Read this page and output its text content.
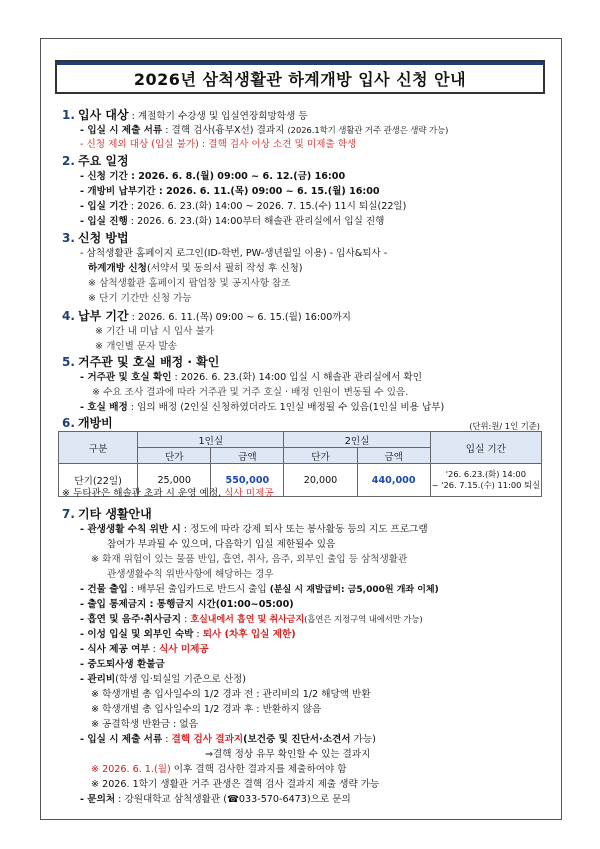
2026년 삼척생활관 하계개방 입사 신청 안내
1. 입사 대상 : 계절학기 수강생 및 입실연장희망학생 등
- 입실 시 제출 서류 : 결핵 검사(흉부X선) 결과지 (2026.1학기 생활관 거주 관생은 생략 가능)
- 신청 제외 대상 (입실 불가) : 결핵 검사 이상 소견 및 미제출 학생
2. 주요 일정
- 신청 기간 : 2026. 6. 8.(월) 09:00 ~ 6. 12.(금) 16:00
- 개방비 납부기간 : 2026. 6. 11.(목) 09:00 ~ 6. 15.(월) 16:00
- 입실 기간 : 2026. 6. 23.(화) 14:00 ~ 2026. 7. 15.(수) 11시 퇴실(22일)
- 입실 진행 : 2026. 6. 23.(화) 14:00부터 해솔관 관리실에서 입실 진행
3. 신청 방법
- 삼척생활관 홈페이지 로그인(ID-학번, PW-생년월일 이용) - 입사&퇴사 -
하계개방 신청(서약서 및 동의서 필히 작성 후 신청)
※ 삼척생활관 홈페이지 팝업창 및 공지사항 참조
※ 단기 기간만 신청 가능
4. 납부 기간 : 2026. 6. 11.(목) 09:00 ~ 6. 15.(월) 16:00까지
※ 기간 내 미납 시 입사 불가
※ 개인별 문자 발송
5. 거주관 및 호실 배정 · 확인
- 거주관 및 호실 확인 : 2026. 6. 23.(화) 14:00 입실 시 해솔관 관리실에서 확인
※ 수요 조사 결과에 따라 거주관 및 거주 호실 · 배정 인원이 변동될 수 있음.
- 호실 배정 : 임의 배정 (2인실 신청하였더라도 1인실 배정될 수 있음(1인실 비용 납부)
6. 개방비	(단위:원/ 1인 기준)
구분	1인실		2인실		입실 기간
	단가	금액	단가	금액	
단기(22일)	25,000	550,000	20,000	440,000	'26. 6.23.(화) 14:00
~ '26. 7.15.(수) 11:00 퇴실
※ 두타관은 해솔관 초과 시 운영 예정, 식사 미제공
7. 기타 생활안내
- 관생생활 수칙 위반 시 : 정도에 따라 강제 퇴사 또는 봉사활동 등의 지도 프로그램
참여가 부과될 수 있으며, 다음학기 입실 제한될수 있음
※ 화재 위험이 있는 물품 반입, 흡연, 취사, 음주, 외부인 출입 등 삼척생활관
관생생활수칙 위반사항에 해당하는 경우
- 건물 출입 : 배부된 출입카드로 반드시 출입 (분실 시 재발급비: 금5,000원 개좌 이체)
- 출입 통제금지 : 통행금지 시간(01:00~05:00)
- 흡연 및 음주·취사금지 : 호실내에서 흡연 및 취사금지(흡연은 지정구역 내에서만 가능)
- 이성 입실 및 외부인 숙박 : 퇴사 (차후 입실 제한)
- 식사 제공 여부 : 식사 미제공
- 중도퇴사생 환불금
- 관리비(학생 입·퇴실일 기준으로 산정)
※ 학생개별 총 입사일수의 1/2 경과 전 : 관리비의 1/2 해당액 반환
※ 학생개별 총 입사일수의 1/2 경과 후 : 반환하지 않음
※ 공결학생 반환금 : 없음
- 입실 시 제출 서류 : 결핵 검사 결과지(보건증 및 진단서·소견서 가능)
⇒결핵 정상 유무 확인할 수 있는 결과지
※ 2026. 6. 1.(월) 이후 결핵 검사한 결과지를 제출하여야 함
※ 2026. 1학기 생활관 거주 관생은 결핵 검사 결과지 제출 생략 가능
- 문의처 : 강원대학교 삼척생활관 (☎033-570-6473)으로 문의
